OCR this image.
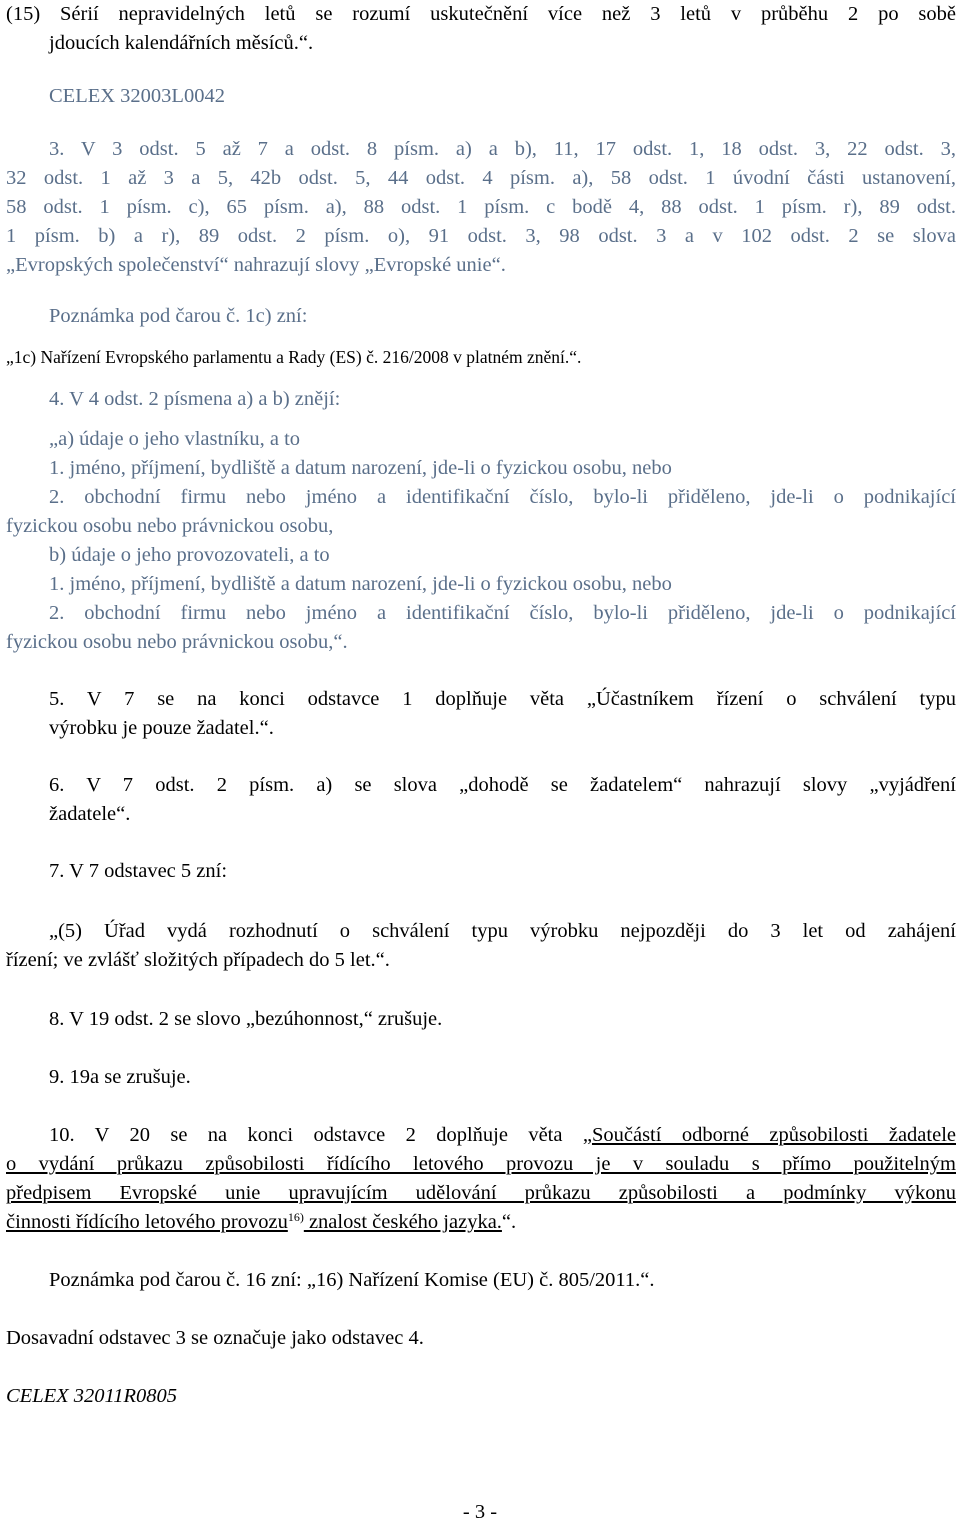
(15) Sérií nepravidelných letů se rozumí uskutečnění více než 3 letů v průběhu 2 po sobě

jdoucích kalendářních měsíců.“.

CELEX 32003L0042

3. V 3 odst. 5 až 7 a odst. 8 písm. a) a b), 11, 17 odst. 1, 18 odst. 3, 22 odst. 3,

32 odst. 1 až 3 a 5, 42b odst. 5, 44 odst. 4 písm. a), 58 odst. 1 úvodní části ustanovení,

58 odst. 1 písm. c), 65 písm. a), 88 odst. 1 písm. c bodě 4, 88 odst. 1 písm. r), 89 odst.

1 písm. b) a r), 89 odst. 2 písm. o), 91 odst. 3, 98 odst. 3 a v 102 odst. 2 se slova

„Evropských společenství“ nahrazují slovy „Evropské unie“.

Poznámka pod čarou č. 1c) zní:

„1c) Nařízení Evropského parlamentu a Rady (ES) č. 216/2008 v platném znění.“.

4. V 4 odst. 2 písmena a) a b) znějí:

„a) údaje o jeho vlastníku, a to

1. jméno, příjmení, bydliště a datum narození, jde-li o fyzickou osobu, nebo

2. obchodní firmu nebo jméno a identifikační číslo, bylo-li přiděleno, jde-li o podnikající

fyzickou osobu nebo právnickou osobu,

b) údaje o jeho provozovateli, a to

1. jméno, příjmení, bydliště a datum narození, jde-li o fyzickou osobu, nebo

2. obchodní firmu nebo jméno a identifikační číslo, bylo-li přiděleno, jde-li o podnikající

fyzickou osobu nebo právnickou osobu,“.

5. V 7 se na konci odstavce 1 doplňuje věta „Účastníkem řízení o schválení typu

výrobku je pouze žadatel.“.

6. V 7 odst. 2 písm. a) se slova „dohodě se žadatelem“ nahrazují slovy „vyjádření

žadatele“.

7. V 7 odstavec 5 zní:

„(5) Úřad vydá rozhodnutí o schválení typu výrobku nejpozději do 3 let od zahájení

řízení; ve zvlášť složitých případech do 5 let.“.

8. V 19 odst. 2 se slovo „bezúhonnost,“ zrušuje.

9. 19a se zrušuje.

10. V 20 se na konci odstavce 2 doplňuje věta „Součástí odborné způsobilosti žadatele

o vydání průkazu způsobilosti řídícího letového provozu je v souladu s přímo použitelným

předpisem Evropské unie upravujícím udělování průkazu způsobilosti a podmínky výkonu

činnosti řídícího letového provozu$^{16)}$ znalost českého jazyka.“.

Poznámka pod čarou č. 16 zní: „16) Nařízení Komise (EU) č. 805/2011.“.

Dosavadní odstavec 3 se označuje jako odstavec 4.

CELEX 32011R0805

- 3 -
